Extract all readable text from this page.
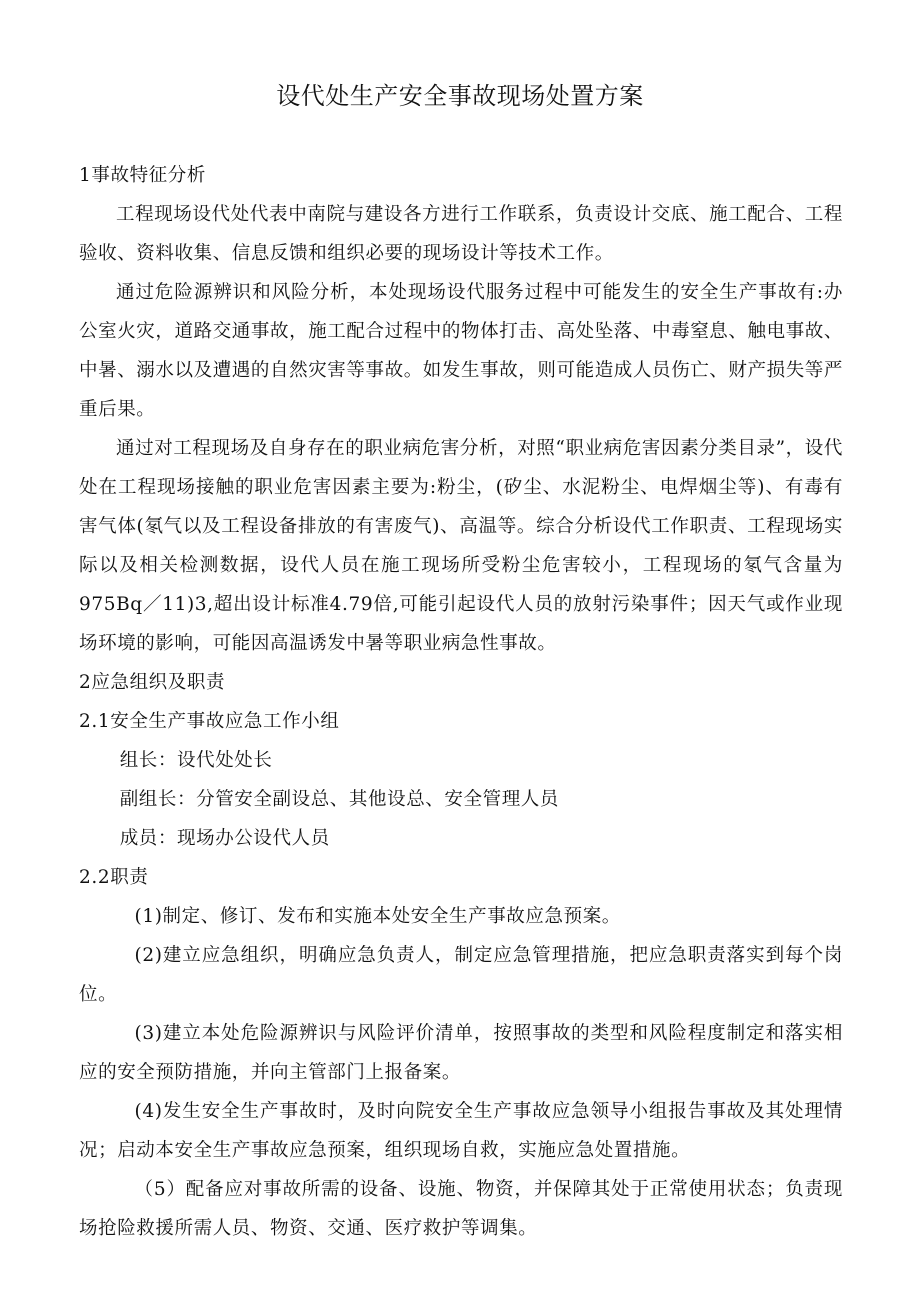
设代处生产安全事故现场处置方案

1事故特征分析

工程现场设代处代表中南院与建设各方进行工作联系，负责设计交底、施工配合、工程验收、资料收集、信息反馈和组织必要的现场设计等技术工作。

通过危险源辨识和风险分析，本处现场设代服务过程中可能发生的安全生产事故有:办公室火灾，道路交通事故，施工配合过程中的物体打击、高处坠落、中毒窒息、触电事故、中暑、溺水以及遭遇的自然灾害等事故。如发生事故，则可能造成人员伤亡、财产损失等严重后果。

通过对工程现场及自身存在的职业病危害分析，对照“职业病危害因素分类目录”，设代处在工程现场接触的职业危害因素主要为:粉尘，(矽尘、水泥粉尘、电焊烟尘等)、有毒有害气体(氡气以及工程设备排放的有害废气)、高温等。综合分析设代工作职责、工程现场实际以及相关检测数据，设代人员在施工现场所受粉尘危害较小，工程现场的氡气含量为975Bq／11)3,超出设计标准4.79倍,可能引起设代人员的放射污染事件；因天气或作业现场环境的影响，可能因高温诱发中暑等职业病急性事故。

2应急组织及职责

2.1安全生产事故应急工作小组

组长：设代处处长

副组长：分管安全副设总、其他设总、安全管理人员

成员：现场办公设代人员

2.2职责

(1)制定、修订、发布和实施本处安全生产事故应急预案。

(2)建立应急组织，明确应急负责人，制定应急管理措施，把应急职责落实到每个岗位。

(3)建立本处危险源辨识与风险评价清单，按照事故的类型和风险程度制定和落实相应的安全预防措施，并向主管部门上报备案。

(4)发生安全生产事故时，及时向院安全生产事故应急领导小组报告事故及其处理情况；启动本安全生产事故应急预案，组织现场自救，实施应急处置措施。

（5）配备应对事故所需的设备、设施、物资，并保障其处于正常使用状态；负责现场抢险救援所需人员、物资、交通、医疗救护等调集。
